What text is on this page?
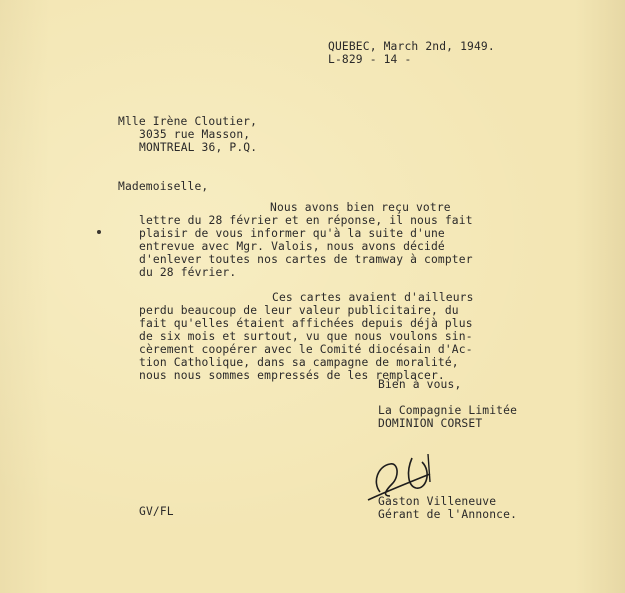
QUEBEC, March 2nd, 1949.
L-829 - 14 -
Mlle Irène Cloutier,
3035 rue Masson,
MONTREAL 36, P.Q.
Mademoiselle,
Nous avons bien reçu votre
lettre du 28 février et en réponse, il nous fait
plaisir de vous informer qu'à la suite d'une
entrevue avec Mgr. Valois, nous avons décidé
d'enlever toutes nos cartes de tramway à compter
du 28 février.
Ces cartes avaient d'ailleurs
perdu beaucoup de leur valeur publicitaire, du
fait qu'elles étaient affichées depuis déjà plus
de six mois et surtout, vu que nous voulons sin-
cèrement coopérer avec le Comité diocésain d'Ac-
tion Catholique, dans sa campagne de moralité,
nous nous sommes empressés de les remplacer.
Bien à vous,
La Compagnie Limitée
DOMINION CORSET
Gaston Villeneuve
Gérant de l'Annonce.
GV/FL
